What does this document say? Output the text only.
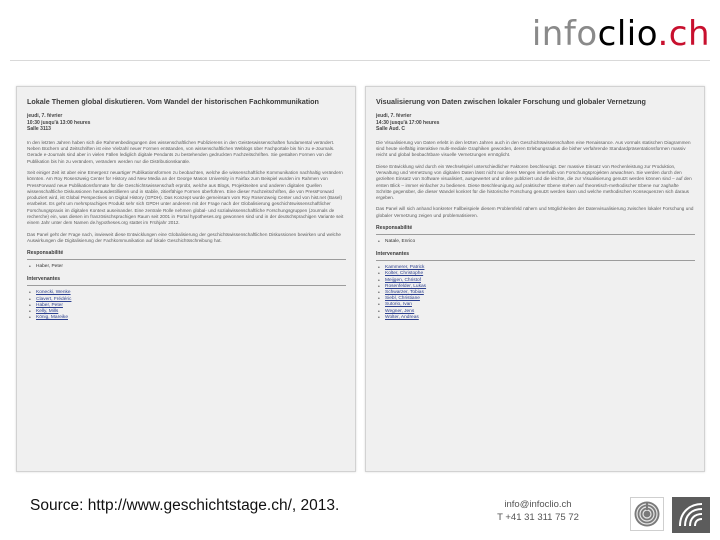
infoclio.ch
Lokale Themen global diskutieren. Vom Wandel der historischen Fachkommunikation
jeudi, 7. février
10:30 jusqu'à 13:00 heures
Salle 3113

In den letzten Jahren haben sich die Rahmenbedingungen des wissenschaftlichen Publizierens in den Geisteswissenschaften fundamental verändert. Neben Büchern und Zeitschriften ist eine Vielzahl neuer Formen entstanden, von wissenschaftlichen Weblogs über Fachportale bis hin zu e-Journals. Gerade e-Journals sind aber in vielen Fällen lediglich digitale Pendants zu bestehenden gedruckten Fachzeitschriften. Sie gestalten Formen von der Publikation bis hin zu verändern, verändern werden nur die Distributionskanäle.

Seit einiger Zeit ist aber eine Emergenz neuartiger Publikationsformen zu beobachten, welche die wissenschaftliche Kommunikation nachhaltig verändern könnten. Am Roy Rosenzweig Center for History and New Media an der George Mason University in Fairfax zum Beispiel wurden im Rahmen von PressForward neue Publikationsformate für die Geschichtswissenschaft erprobt, welche aus Blogs, Projektseiten und anderen digitalen Quellen wissenschaftliche Diskussionen herausdestillieren und in stabile, zitierfähige Formen überführen. Eine dieser Fachzeitschriften, die von PressForward produziert wird, ist Global Perspectives on Digital History (GPDH). Das Konzept wurde gemeinsam vom Roy Rosenzweig Center und von hist.net (Basel) erarbeitet. Es geht um mehrsprachiges Produkt sehr sich GPDH unter anderem mit der Frage nach der Globalisierung geschichtswissenschaftlicher Forschungspraxis im digitalen Kontext auseinander. Eine zentrale Rolle nehmen global- und sozialwissenschaftliche Forschungsgruppen (Journals de recherche) ein, was diesen im französischsprachigen Raum seit 2001 in Portal hypotheses.org gewonnen sind und in der deutschsprachigen Variante seit einem Jahr unter dem Namen de.hypotheses.org stattet im Frühjahr 2012.

Das Panel geht der Frage nach, inwieweit diese Entwicklungen eine Globalisierung der geschichtswissenschaftlichen Diskussionen bewirken und welche Auswirkungen die Digitalisierung der Fachkommunikation auf lokale Geschichtsschreibung hat.

Responsabilité
• Haber, Peter
Intervenantes
• Konecki, Wenke
• Clavert, Frédéric
• Haber, Peter
• Kelly, Mills
• König, Mareike
Visualisierung von Daten zwischen lokaler Forschung und globaler Vernetzung
jeudi, 7. février
14:30 jusqu'à 17:00 heures
Salle Aud. C

Die Visualisierung von Daten erlebt in den letzten Jahren auch in den Geschichtswissenschaften eine Renaissance. Aus vormals statischen Diagrammen sind heute vielfältig interaktive multi-mediale Graphiken geworden, deren Erlebungsradius die bisher verfahrende Standardpräsentationsformen massiv reicht und global beobachtbare visuelle Vernetzungen ermöglicht.

Diese Entwicklung wird durch ein Wechselspiel unterschiedlicher Faktoren beschleunigt. Der massive Einsatz von Rechenleistung zur Produktion, Verwaltung und Vernetzung von digitalen Daten lässt nicht nur deren Mengen innerhalb von Forschungsprojekten anwachsen. Sie werden durch den gezielten Einsatz von Software visualisiert, ausgewertet und online publiziert und die leichte, die zur Visualisierung genutzt werden können sind – auf den ersten Blick – immer einfacher zu bedienen. Diese Beschleunigung auf praktischer Ebene stehen auf theoretisch-methodischer Ebene nur zaghafte Schritte gegenüber, die dieser Wandel konkret für die historische Forschung genutzt werden kann und welche methodischen Konsequenzen sich daraus ergeben.

Das Panel will sich anhand konkreter Fallbeispiele diesem Problemfeld nähern und Möglichkeiten der Datenvisualisierung zwischen lokaler Forschung und globaler Vernetzung zeigen und problematisieren.

Responsabilité
• Natale, Enrico
Intervenantes
• Kammerer, Patrick
• Kolter, Christophe
• Meijgen, Christof
• Rosenfelder, Lukas
• Schwarzer, Tobias
• Siebl, Christiane
• Sutorio, Ivan
• Wegner, Jens
• Wolter, Andreas
Source: http://www.geschichtstage.ch/, 2013.	info@infoclio.ch
T +41 31 311 75 72
